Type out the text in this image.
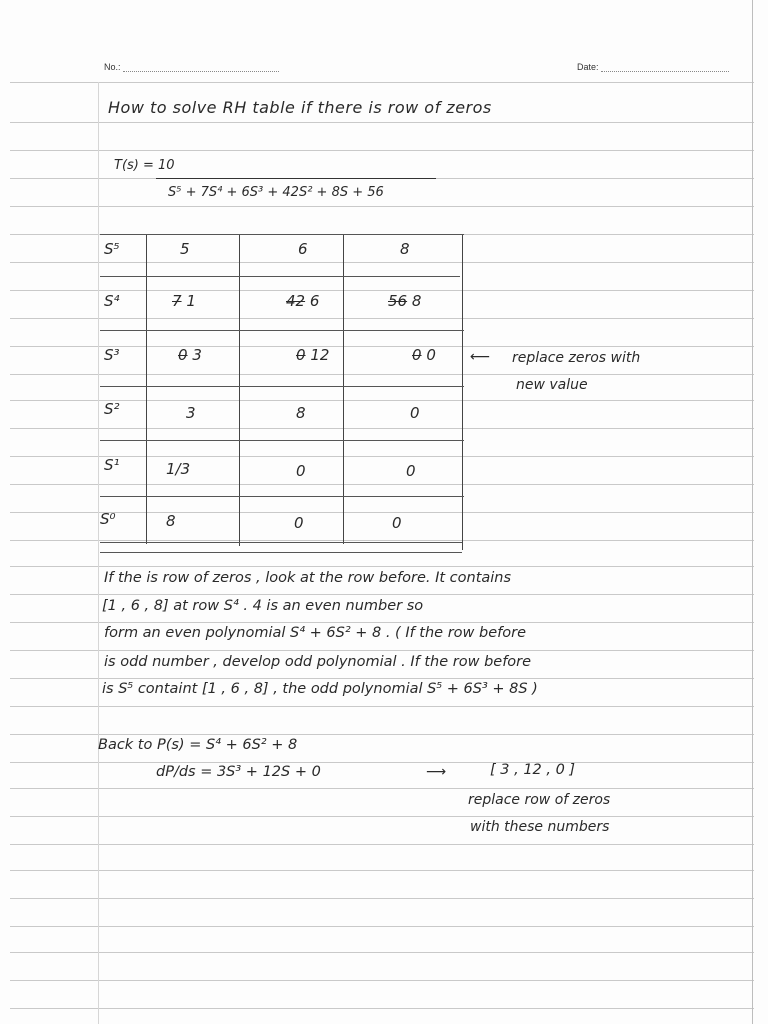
No.:	Date:
How to solve RH table if there is row of zeros
T(s) = 10
S⁵ + 7S⁴ + 6S³ + 42S² + 8S + 56
S⁵	5	6	8
S⁴	7 1	42 6	56 8
S³	0 3	0 12	0 0
S²	3	8	0
S¹	1/3	0	0
S⁰	8	0	0
⟵ replace zeros with
new value
If the is row of zeros , look at the row before. It contains
[1 , 6 , 8] at row S⁴ . 4 is an even number so
form an even polynomial S⁴ + 6S² + 8 . ( If the row before
is odd number , develop odd polynomial . If the row before
is S⁵ containt [1 , 6 , 8] , the odd polynomial S⁵ + 6S³ + 8S )
Back to P(s) = S⁴ + 6S² + 8
dP/ds = 3S³ + 12S + 0	⟶	[ 3 , 12 , 0 ]
replace row of zeros
with these numbers
